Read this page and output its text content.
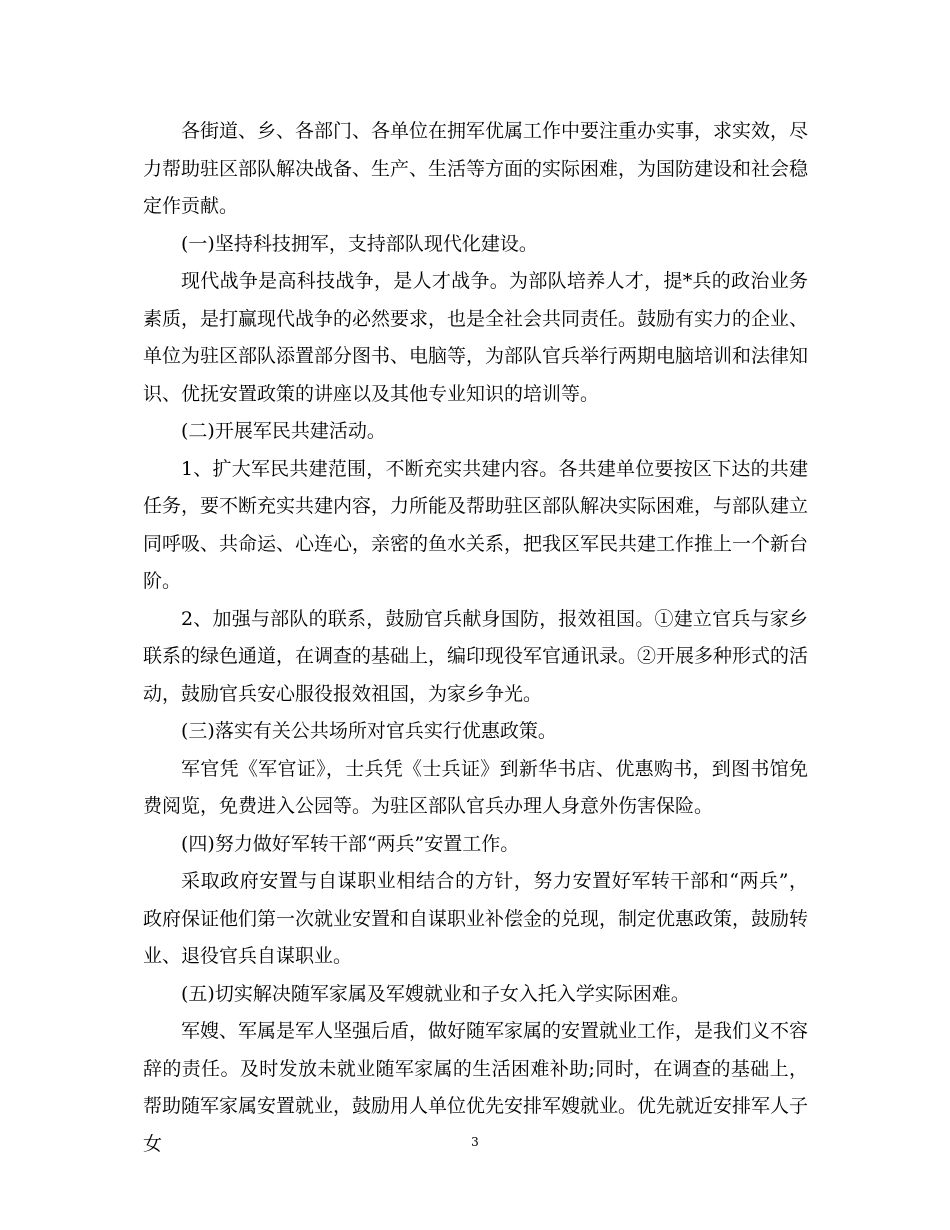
各街道、乡、各部门、各单位在拥军优属工作中要注重办实事，求实效，尽力帮助驻区部队解决战备、生产、生活等方面的实际困难，为国防建设和社会稳定作贡献。

(一)坚持科技拥军，支持部队现代化建设。

现代战争是高科技战争，是人才战争。为部队培养人才，提*兵的政治业务素质，是打赢现代战争的必然要求，也是全社会共同责任。鼓励有实力的企业、单位为驻区部队添置部分图书、电脑等，为部队官兵举行两期电脑培训和法律知识、优抚安置政策的讲座以及其他专业知识的培训等。

(二)开展军民共建活动。

1、扩大军民共建范围，不断充实共建内容。各共建单位要按区下达的共建任务，要不断充实共建内容，力所能及帮助驻区部队解决实际困难，与部队建立同呼吸、共命运、心连心，亲密的鱼水关系，把我区军民共建工作推上一个新台阶。

2、加强与部队的联系，鼓励官兵献身国防，报效祖国。①建立官兵与家乡联系的绿色通道，在调查的基础上，编印现役军官通讯录。②开展多种形式的活动，鼓励官兵安心服役报效祖国，为家乡争光。

(三)落实有关公共场所对官兵实行优惠政策。

军官凭《军官证》，士兵凭《士兵证》到新华书店、优惠购书，到图书馆免费阅览，免费进入公园等。为驻区部队官兵办理人身意外伤害保险。

(四)努力做好军转干部“两兵”安置工作。

采取政府安置与自谋职业相结合的方针，努力安置好军转干部和“两兵”，政府保证他们第一次就业安置和自谋职业补偿金的兑现，制定优惠政策，鼓励转业、退役官兵自谋职业。

(五)切实解决随军家属及军嫂就业和子女入托入学实际困难。

军嫂、军属是军人坚强后盾，做好随军家属的安置就业工作，是我们义不容辞的责任。及时发放未就业随军家属的生活困难补助;同时，在调查的基础上，帮助随军家属安置就业，鼓励用人单位优先安排军嫂就业。优先就近安排军人子女	3
